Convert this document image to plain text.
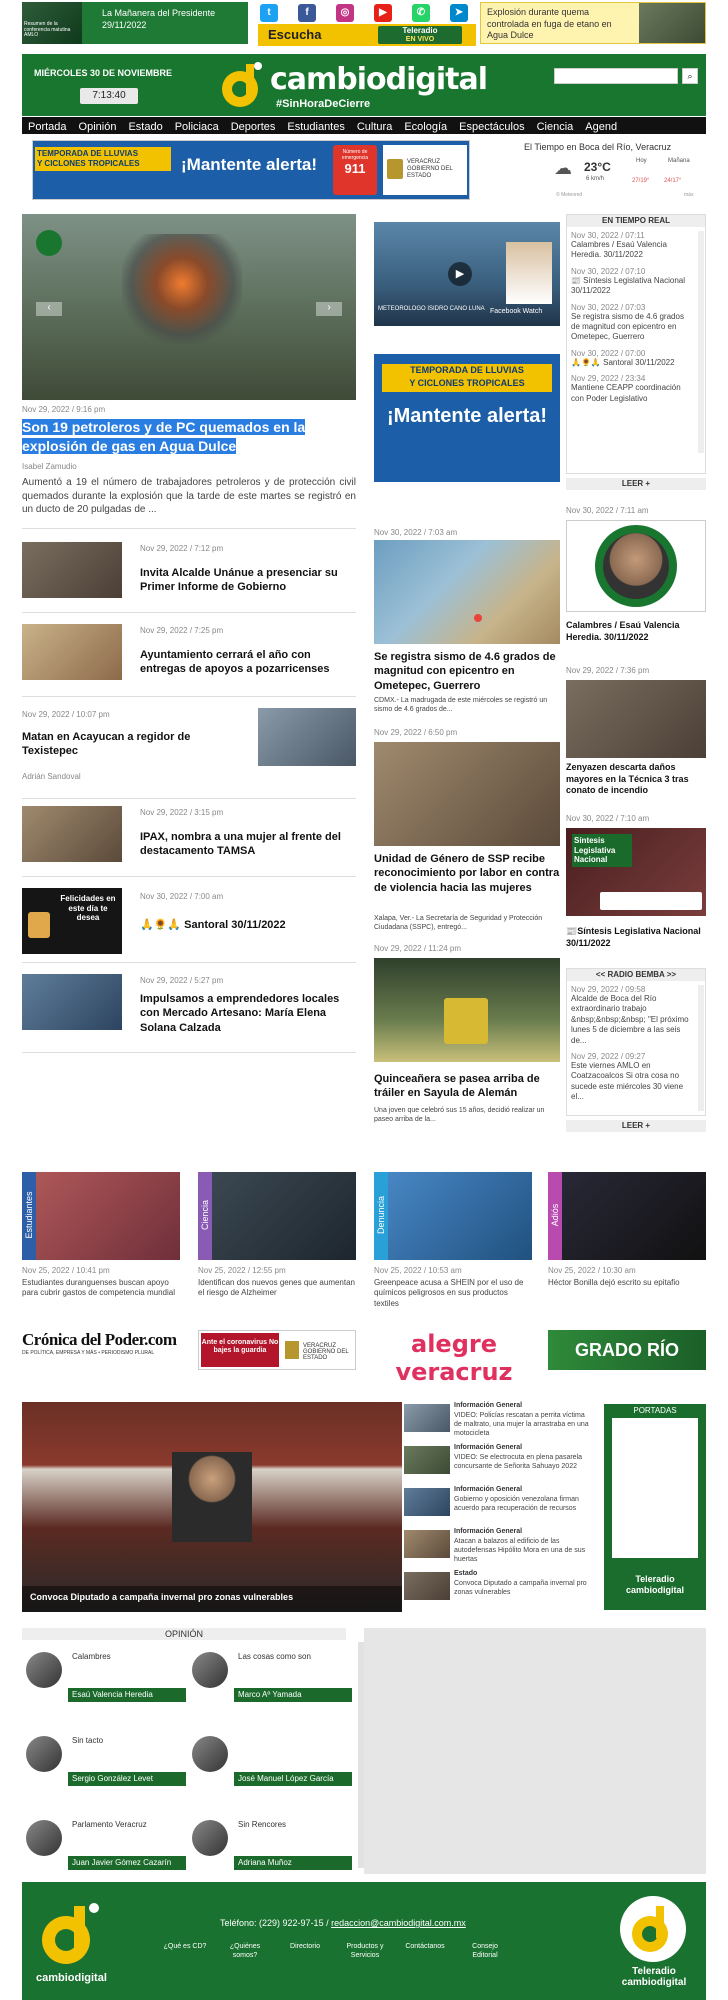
Resumen de la conferencia matutina AMLO
La Mañanera del Presidente 29/11/2022
t	f	◎	▶	✆	➤
Escucha	Teleradio
EN VIVO
Explosión durante quema controlada en fuga de etano en Agua Dulce
MIÉRCOLES 30 DE NOVIEMBRE
7:13:40	cambiodigital
#SinHoraDeCierre
⌕
Portada Opinión Estado Policiaca Deportes Estudiantes Cultura Ecología Espectáculos Ciencia Agend
TEMPORADA DE LLUVIAS
Y CICLONES TROPICALES	¡Mantente alerta!
Número de emergencia
911	VERACRUZ GOBIERNO DEL ESTADO
El Tiempo en Boca del Río, Veracruz
☁ 23°C
6 km/h
Hoy	Mañana
27/19° 24/17°
© Meteored	más
‹	›
Nov 29, 2022 / 9:16 pm
Son 19 petroleros y de PC quemados en la explosión de gas en Agua Dulce
Isabel Zamudio
Aumentó a 19 el número de trabajadores petroleros y de protección civil quemados durante la explosión que la tarde de este martes se registró en un ducto de 20 pulgadas de ...
Nov 29, 2022 / 7:12 pm
Invita Alcalde Unánue a presenciar su Primer Informe de Gobierno
Nov 29, 2022 / 7:25 pm
Ayuntamiento cerrará el año con entregas de apoyos a pozarricenses
Nov 29, 2022 / 10:07 pm
Matan en Acayucan a regidor de Texistepec
Adrián Sandoval
Nov 29, 2022 / 3:15 pm
IPAX, nombra a una mujer al frente del destacamento TAMSA
Felicidades en este día te desea
Nov 30, 2022 / 7:00 am
🙏🌻🙏 Santoral 30/11/2022
Nov 29, 2022 / 5:27 pm
Impulsamos a emprendedores locales con Mercado Artesano: María Elena Solana Calzada
▶
METEOROLOGO ISIDRO CANO LUNA Facebook Watch
TEMPORADA DE LLUVIAS
Y CICLONES TROPICALES
¡Mantente alerta!
Nov 30, 2022 / 7:03 am
Se registra sismo de 4.6 grados de magnitud con epicentro en Ometepec, Guerrero
CDMX.- La madrugada de este miércoles se registró un sismo de 4.6 grados de...
Nov 29, 2022 / 6:50 pm
Unidad de Género de SSP recibe reconocimiento por labor en contra de violencia hacia las mujeres
Xalapa, Ver.- La Secretaría de Seguridad y Protección Ciudadana (SSPC), entregó...
Nov 29, 2022 / 11:24 pm
Quinceañera se pasea arriba de tráiler en Sayula de Alemán
Una joven que celebró sus 15 años, decidió realizar un paseo arriba de la...
EN TIEMPO REAL
Nov 30, 2022 / 07:11
Calambres / Esaú Valencia Heredia. 30/11/2022
Nov 30, 2022 / 07:10
📰 Síntesis Legislativa Nacional 30/11/2022
Nov 30, 2022 / 07:03
Se registra sismo de 4.6 grados de magnitud con epicentro en Ometepec, Guerrero
Nov 30, 2022 / 07:00
🙏🌻🙏 Santoral 30/11/2022
Nov 29, 2022 / 23:34
Mantiene CEAPP coordinación con Poder Legislativo
LEER +
Nov 30, 2022 / 7:11 am
Calambres / Esaú Valencia Heredia. 30/11/2022
Nov 29, 2022 / 7:36 pm
Zenyazen descarta daños mayores en la Técnica 3 tras conato de incendio
Nov 30, 2022 / 7:10 am
Síntesis Legislativa Nacional
📰Síntesis Legislativa Nacional 30/11/2022
<< RADIO BEMBA >>
Nov 29, 2022 / 09:58
Alcalde de Boca del Río extraordinario trabajo &nbsp;&nbsp;&nbsp; "El próximo lunes 5 de diciembre a las seis de...
Nov 29, 2022 / 09:27
Este viernes AMLO en Coatzacoalcos Si otra cosa no sucede este miércoles 30 viene el...
LEER +
Estudiantes	Ciencia	Denuncia	Adiós
Nov 25, 2022 / 10:41 pm
Estudiantes duranguenses buscan apoyo para cubrir gastos de competencia mundial
Nov 25, 2022 / 12:55 pm
Identifican dos nuevos genes que aumentan el riesgo de Alzheimer
Nov 25, 2022 / 10:53 am
Greenpeace acusa a SHEIN por el uso de químicos peligrosos en sus productos textiles
Nov 25, 2022 / 10:30 am
Héctor Bonilla dejó escrito su epitafio
Crónica del Poder.com
DE POLÍTICA, EMPRESA Y MÁS • PERIODISMO PLURAL
Ante el coronavirus No bajes la guardia
VERACRUZ GOBIERNO DEL ESTADO	alegre veracruz
GRADO RÍO
Convoca Diputado a campaña invernal pro zonas vulnerables
Información General
VIDEO: Policías rescatan a perrita víctima de maltrato, una mujer la arrastraba en una motocicleta
Información General
VIDEO: Se electrocuta en plena pasarela concursante de Señorita Sahuayo 2022
Información General
Gobierno y oposición venezolana firman acuerdo para recuperación de recursos
Información General
Atacan a balazos al edificio de las autodefensas Hipólito Mora en una de sus huertas
Estado
Convoca Diputado a campaña invernal pro zonas vulnerables
PORTADAS
Teleradio cambiodigital
OPINIÓN
Calambres
Esaú Valencia Heredia
Las cosas como son
Marco Aº Yamada
Sin tacto
Sergio González Levet	José Manuel López García
Parlamento Veracruz
Juan Javier Gómez Cazarín
Sin Rencores
Adriana Muñoz
cambiodigital
Teléfono: (229) 922-97-15 / redaccion@cambiodigital.com.mx
¿Qué es CD?	¿Quiénes somos?
Directorio	Productos y Servicios
Contáctanos	Consejo Editorial
Teleradio
cambiodigital
